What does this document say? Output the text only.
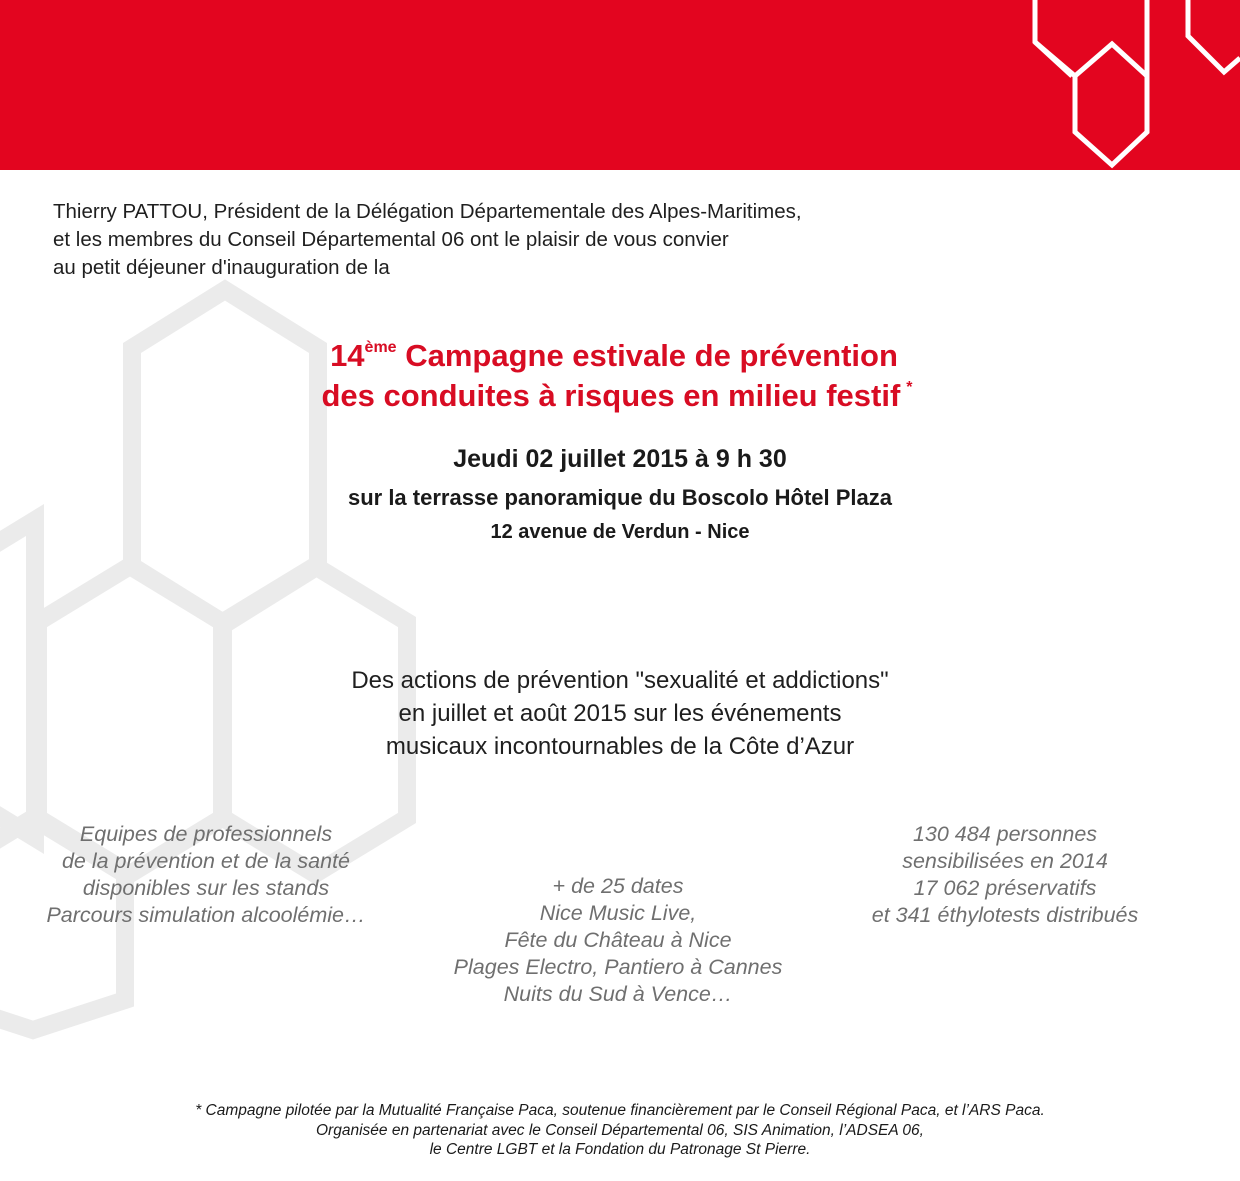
Thierry PATTOU, Président de la Délégation Départementale des Alpes-Maritimes,
et les membres du Conseil Départemental 06 ont le plaisir de vous convier
au petit déjeuner d'inauguration de la
14ème Campagne estivale de prévention
des conduites à risques en milieu festif *
Jeudi 02 juillet 2015 à 9 h 30
sur la terrasse panoramique du Boscolo Hôtel Plaza
12 avenue de Verdun - Nice
Des actions de prévention "sexualité et addictions"
en juillet et août 2015 sur les événements
musicaux incontournables de la Côte d’Azur
Equipes de professionnels
de la prévention et de la santé
disponibles sur les stands
Parcours simulation alcoolémie…
+ de 25 dates
Nice Music Live,
Fête du Château à Nice
Plages Electro, Pantiero à Cannes
Nuits du Sud à Vence…
130 484 personnes
sensibilisées en 2014
17 062 préservatifs
et 341 éthylotests distribués
* Campagne pilotée par la Mutualité Française Paca, soutenue financièrement par le Conseil Régional Paca, et l’ARS Paca.
Organisée en partenariat avec le Conseil Départemental 06, SIS Animation, l’ADSEA 06,
le Centre LGBT et la Fondation du Patronage St Pierre.
